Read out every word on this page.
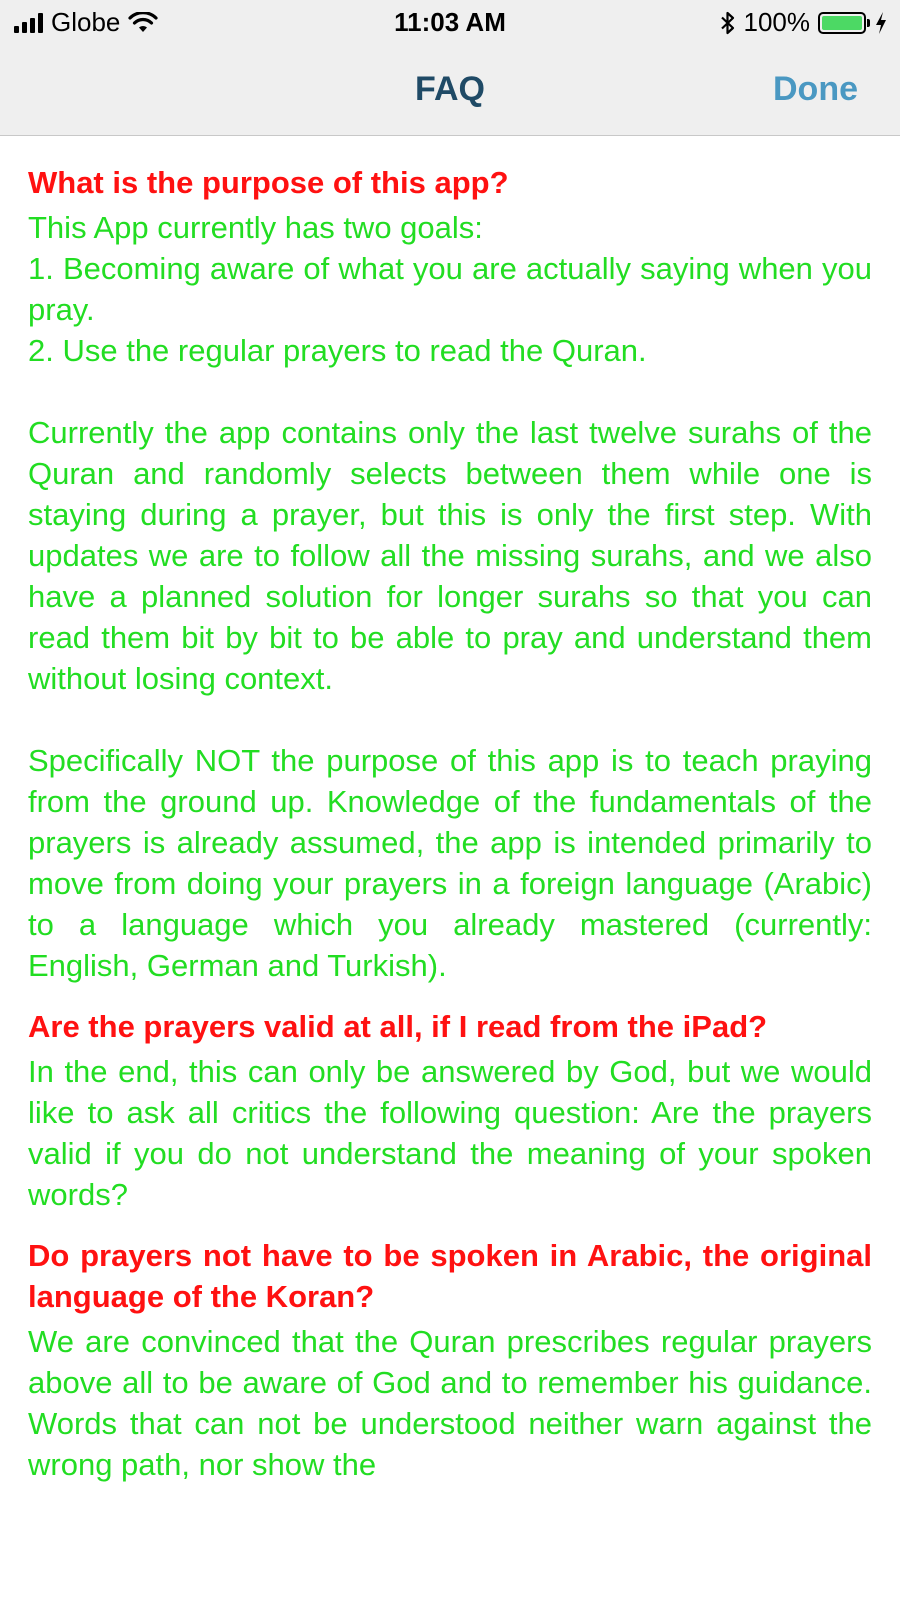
Globe	11:03 AM	100%
FAQ	Done
What is the purpose of this app?

This App currently has two goals:
1. Becoming aware of what you are actually saying when you pray.
2. Use the regular prayers to read the Quran.

Currently the app contains only the last twelve surahs of the Quran and randomly selects between them while one is staying during a prayer, but this is only the first step. With updates we are to follow all the missing surahs, and we also have a planned solution for longer surahs so that you can read them bit by bit to be able to pray and understand them without losing context.

Specifically NOT the purpose of this app is to teach praying from the ground up. Knowledge of the fundamentals of the prayers is already assumed, the app is intended primarily to move from doing your prayers in a foreign language (Arabic) to a language which you already mastered (currently: English, German and Turkish).

Are the prayers valid at all, if I read from the iPad?

In the end, this can only be answered by God, but we would like to ask all critics the following question: Are the prayers valid if you do not understand the meaning of your spoken words?

Do prayers not have to be spoken in Arabic, the original language of the Koran?

We are convinced that the Quran prescribes regular prayers above all to be aware of God and to remember his guidance. Words that can not be understood neither warn against the wrong path, nor show the
